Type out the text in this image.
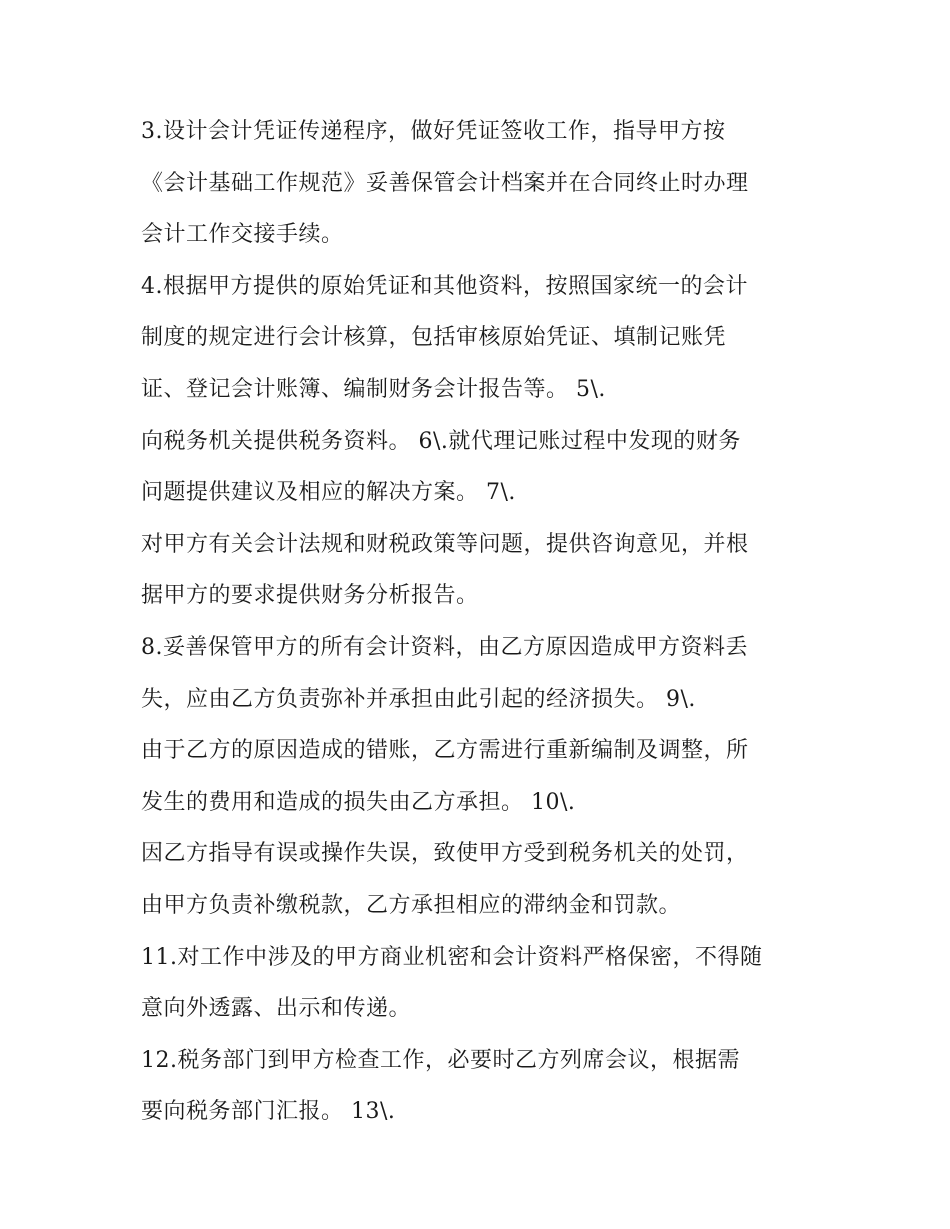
3.设计会计凭证传递程序，做好凭证签收工作，指导甲方按
《会计基础工作规范》妥善保管会计档案并在合同终止时办理
会计工作交接手续。
4.根据甲方提供的原始凭证和其他资料，按照国家统一的会计
制度的规定进行会计核算，包括审核原始凭证、填制记账凭
证、登记会计账簿、编制财务会计报告等。 5\.
向税务机关提供税务资料。 6\.就代理记账过程中发现的财务
问题提供建议及相应的解决方案。 7\.
对甲方有关会计法规和财税政策等问题，提供咨询意见，并根
据甲方的要求提供财务分析报告。
8.妥善保管甲方的所有会计资料，由乙方原因造成甲方资料丢
失，应由乙方负责弥补并承担由此引起的经济损失。 9\.
由于乙方的原因造成的错账，乙方需进行重新编制及调整，所
发生的费用和造成的损失由乙方承担。 10\.
因乙方指导有误或操作失误，致使甲方受到税务机关的处罚，
由甲方负责补缴税款，乙方承担相应的滞纳金和罚款。
11.对工作中涉及的甲方商业机密和会计资料严格保密，不得随
意向外透露、出示和传递。
12.税务部门到甲方检查工作，必要时乙方列席会议，根据需
要向税务部门汇报。 13\.
